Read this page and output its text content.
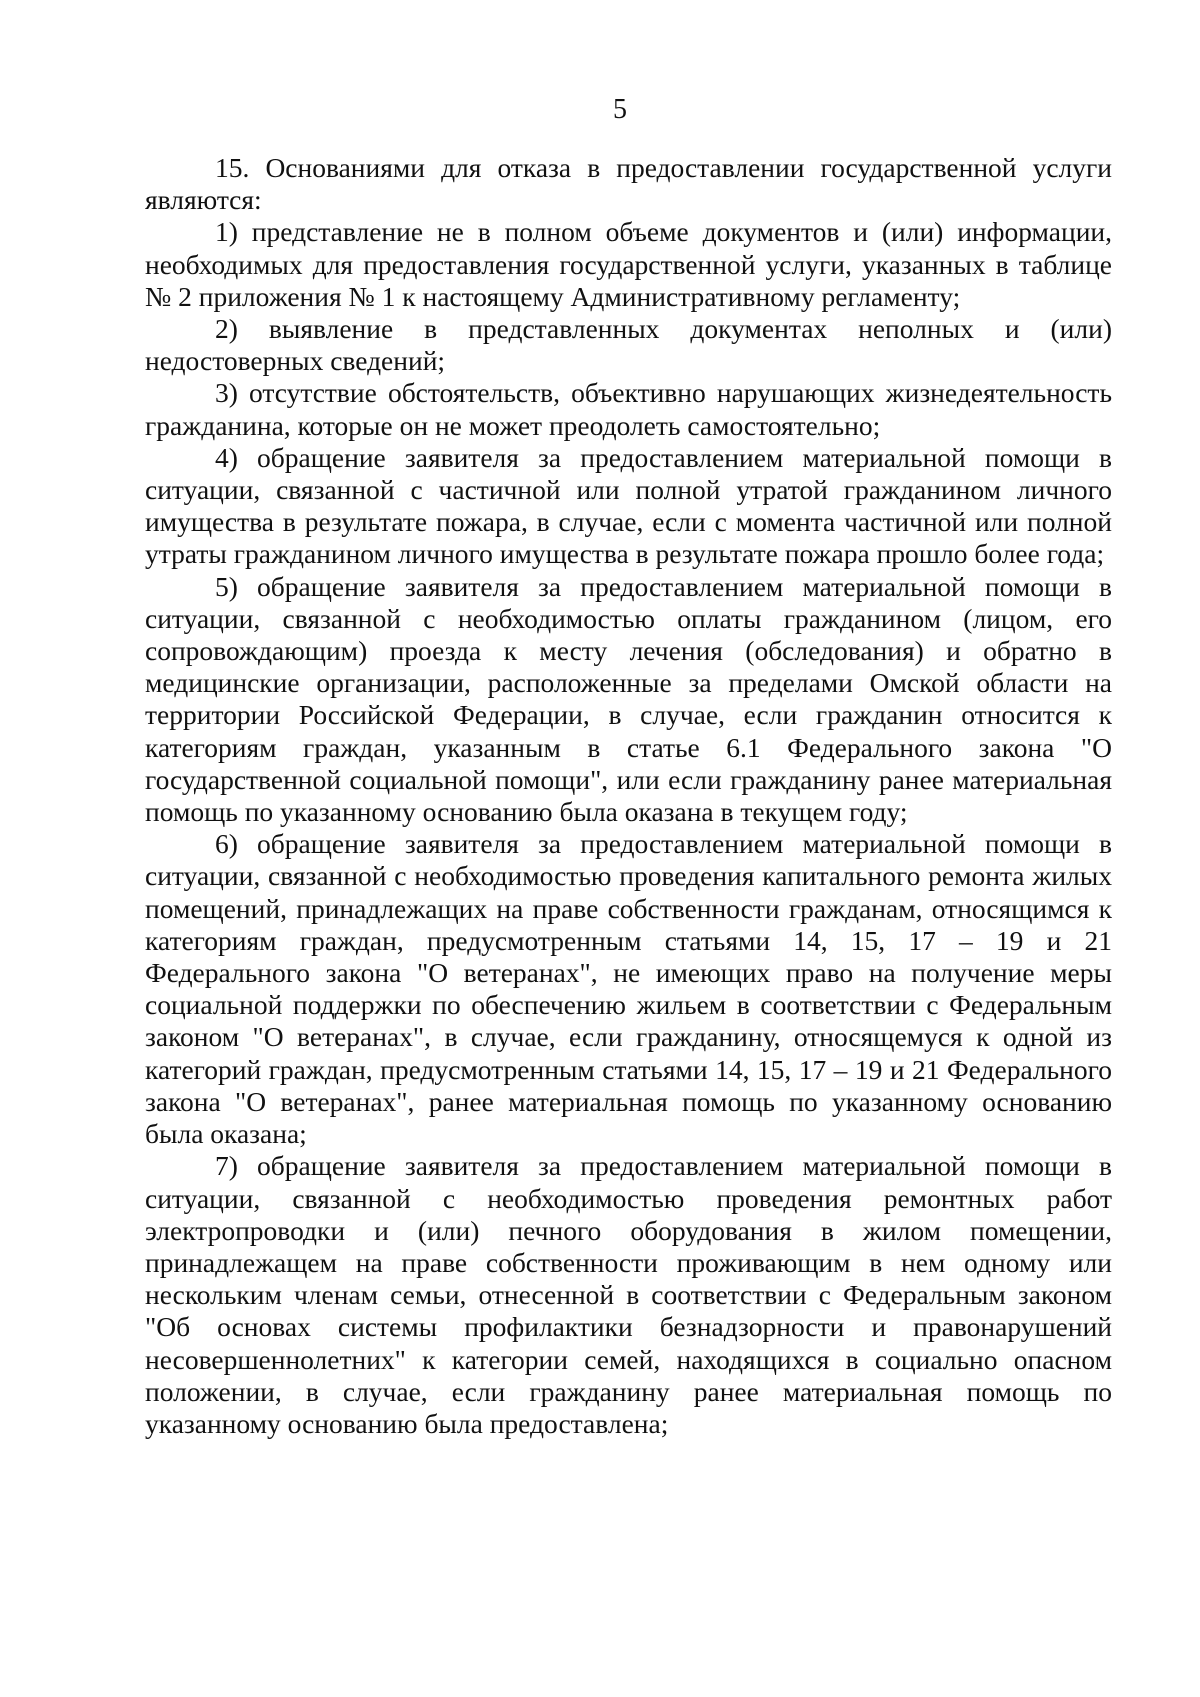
5

15. Основаниями для отказа в предоставлении государственной услуги являются:

1) представление не в полном объеме документов и (или) информации, необходимых для предоставления государственной услуги, указанных в таблице № 2 приложения № 1 к настоящему Административному регламенту;

2) выявление в представленных документах неполных и (или) недостоверных сведений;

3) отсутствие обстоятельств, объективно нарушающих жизнедеятельность гражданина, которые он не может преодолеть самостоятельно;

4) обращение заявителя за предоставлением материальной помощи в ситуации, связанной с частичной или полной утратой гражданином личного имущества в результате пожара, в случае, если с момента частичной или полной утраты гражданином личного имущества в результате пожара прошло более года;

5) обращение заявителя за предоставлением материальной помощи в ситуации, связанной с необходимостью оплаты гражданином (лицом, его сопровождающим) проезда к месту лечения (обследования) и обратно в медицинские организации, расположенные за пределами Омской области на территории Российской Федерации, в случае, если гражданин относится к категориям граждан, указанным в статье 6.1 Федерального закона "О государственной социальной помощи", или если гражданину ранее материальная помощь по указанному основанию была оказана в текущем году;

6) обращение заявителя за предоставлением материальной помощи в ситуации, связанной с необходимостью проведения капитального ремонта жилых помещений, принадлежащих на праве собственности гражданам, относящимся к категориям граждан, предусмотренным статьями 14, 15, 17 – 19 и 21 Федерального закона "О ветеранах", не имеющих право на получение меры социальной поддержки по обеспечению жильем в соответствии с Федеральным законом "О ветеранах", в случае, если гражданину, относящемуся к одной из категорий граждан, предусмотренным статьями 14, 15, 17 – 19 и 21 Федерального закона "О ветеранах", ранее материальная помощь по указанному основанию была оказана;

7) обращение заявителя за предоставлением материальной помощи в ситуации, связанной с необходимостью проведения ремонтных работ электропроводки и (или) печного оборудования в жилом помещении, принадлежащем на праве собственности проживающим в нем одному или нескольким членам семьи, отнесенной в соответствии с Федеральным законом "Об основах системы профилактики безнадзорности и правонарушений несовершеннолетних" к категории семей, находящихся в социально опасном положении, в случае, если гражданину ранее материальная помощь по указанному основанию была предоставлена;
